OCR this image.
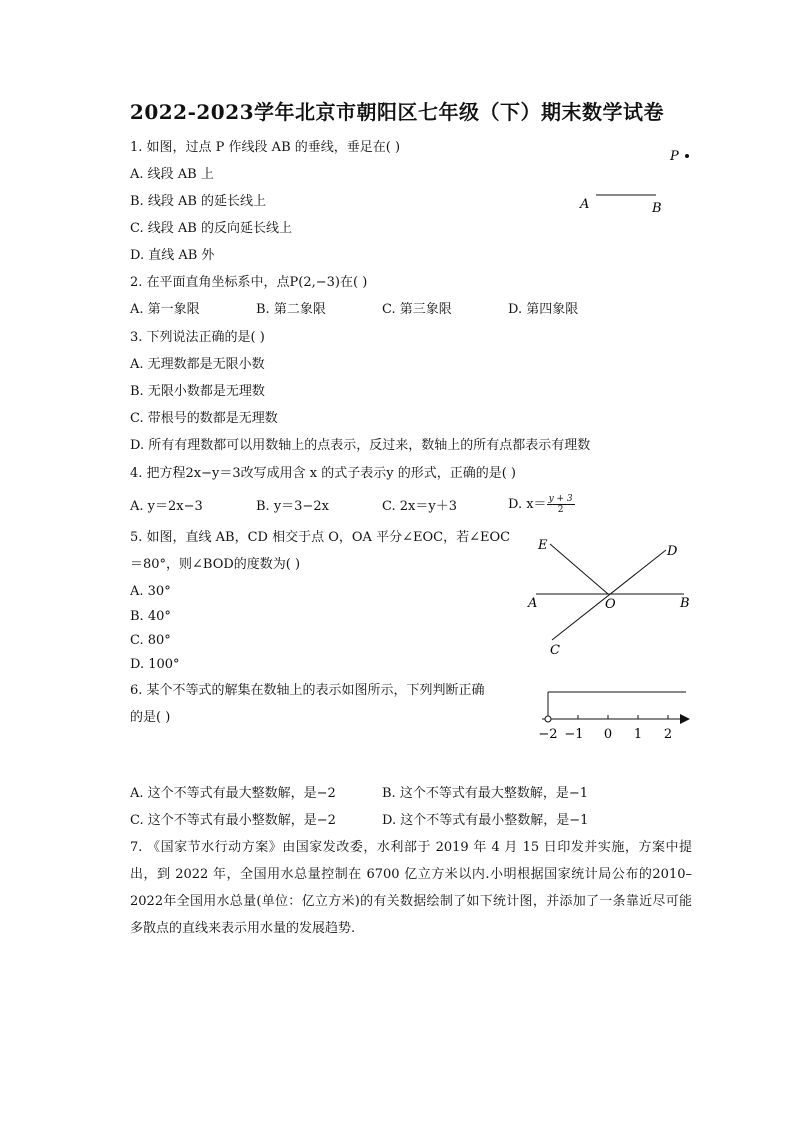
2022-2023学年北京市朝阳区七年级（下）期末数学试卷
1. 如图，过点 P 作线段 AB 的垂线，垂足在( )
A. 线段 AB 上
B. 线段 AB 的延长线上
C. 线段 AB 的反向延长线上
D. 直线 AB 外
P
A	B
2. 在平面直角坐标系中，点P(2,−3)在( )
A. 第一象限	B. 第二象限	C. 第三象限	D. 第四象限
3. 下列说法正确的是( )
A. 无理数都是无限小数
B. 无限小数都是无理数
C. 带根号的数都是无理数
D. 所有有理数都可以用数轴上的点表示，反过来，数轴上的所有点都表示有理数
4. 把方程2x−y＝3改写成用含 x 的式子表示y 的形式，正确的是( )
A. y＝2x−3	B. y＝3−2x	C. 2x＝y＋3	D. $x= \frac{y + 3}{2}$
5. 如图，直线 AB，CD 相交于点 O，OA 平分∠EOC，若∠EOC
＝80°，则∠BOD的度数为( )
A. 30°
B. 40°
C. 80°
D. 100°
E	D
A	O	B
C
6. 某个不等式的解集在数轴上的表示如图所示，下列判断正确
的是( )
−2 −1 0 1 2
A. 这个不等式有最大整数解，是−2	B. 这个不等式有最大整数解，是−1
C. 这个不等式有最小整数解，是−2	D. 这个不等式有最小整数解，是−1
7. 《国家节水行动方案》由国家发改委，水利部于 2019 年 4 月 15 日印发并实施，方案中提出，到 2022 年，全国用水总量控制在 6700 亿立方米以内.小明根据国家统计局公布的2010–2022年全国用水总量(单位：亿立方米)的有关数据绘制了如下统计图，并添加了一条靠近尽可能多散点的直线来表示用水量的发展趋势.
